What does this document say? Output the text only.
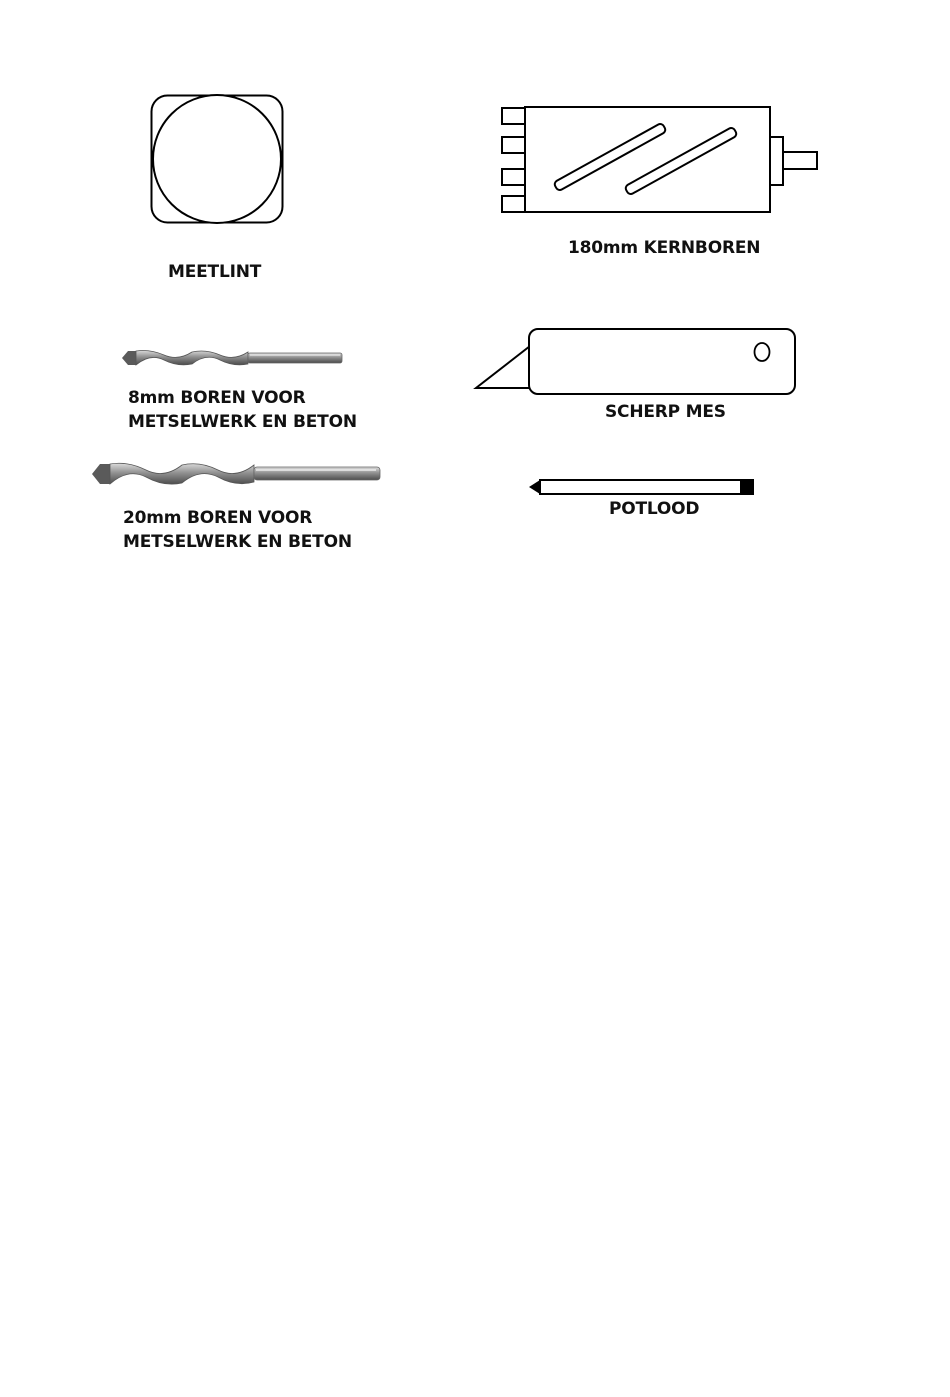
MEETLINT
180mm KERNBOREN
8mm BOREN VOOR
METSELWERK EN BETON	SCHERP MES
20mm BOREN VOOR
METSELWERK EN BETON
POTLOOD
